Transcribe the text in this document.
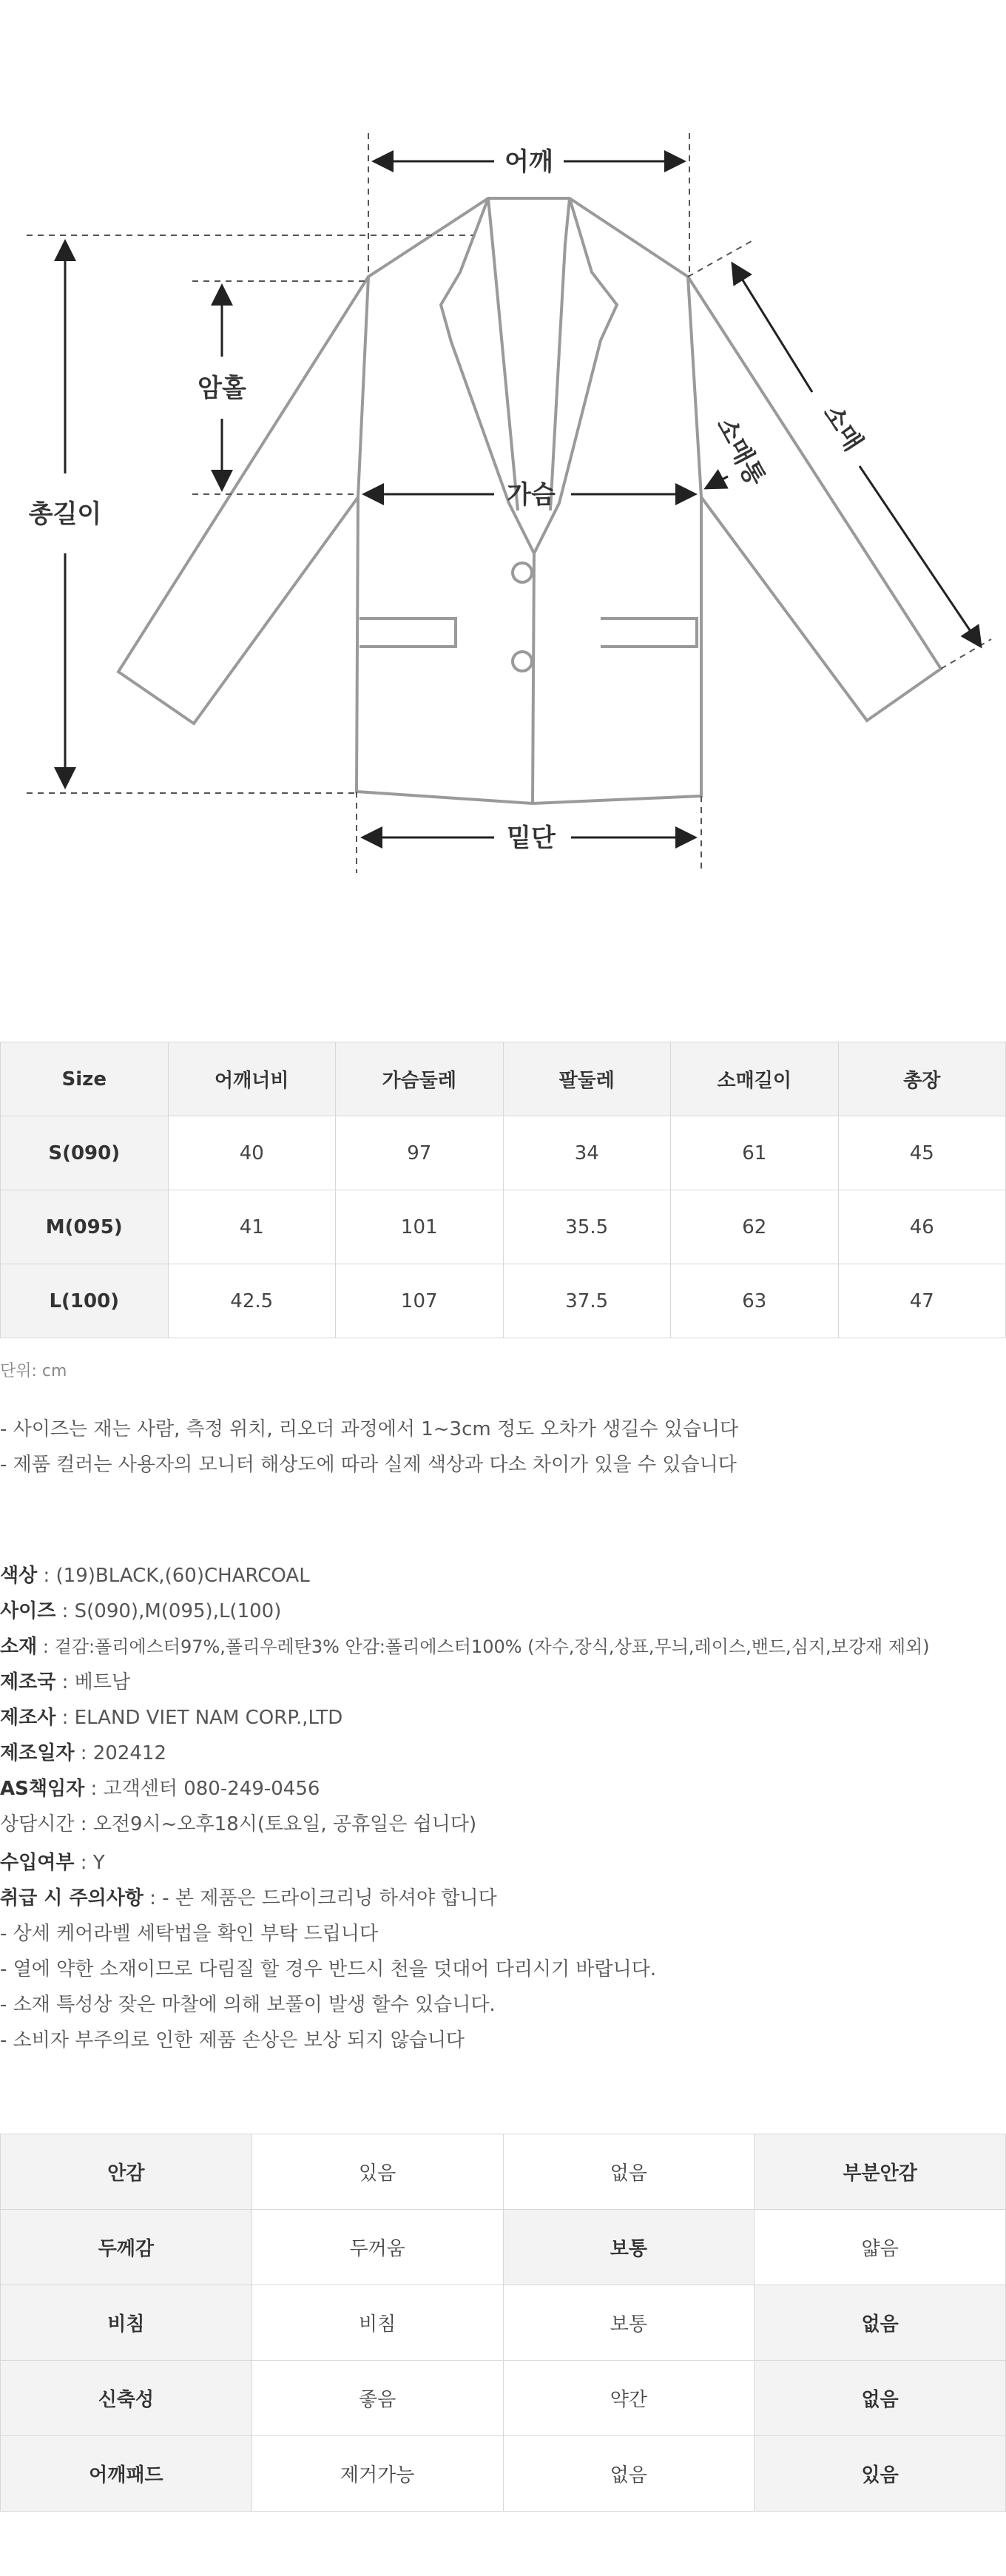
어깨
총길이
암홀
가슴
밑단
소매
소매통
Size	어깨너비	가슴둘레	팔둘레	소매길이	총장
S(090)	40	97	34	61	45
M(095)	41	101	35.5	62	46
L(100)	42.5	107	37.5	63	47
단위: cm

- 사이즈는 재는 사람, 측정 위치, 리오더 과정에서 1~3cm 정도 오차가 생길수 있습니다

- 제품 컬러는 사용자의 모니터 해상도에 따라 실제 색상과 다소 차이가 있을 수 있습니다

색상 : (19)BLACK,(60)CHARCOAL

사이즈 : S(090),M(095),L(100)

소재 : 겉감:폴리에스터97%,폴리우레탄3% 안감:폴리에스터100% (자수,장식,상표,무늬,레이스,밴드,심지,보강재 제외)

제조국 : 베트남

제조사 : ELAND VIET NAM CORP.,LTD

제조일자 : 202412

AS책임자 : 고객센터 080-249-0456

상담시간 : 오전9시~오후18시(토요일, 공휴일은 쉽니다)

수입여부 : Y

취급 시 주의사항 : - 본 제품은 드라이크리닝 하셔야 합니다

- 상세 케어라벨 세탁법을 확인 부탁 드립니다

- 열에 약한 소재이므로 다림질 할 경우 반드시 천을 덧대어 다리시기 바랍니다.

- 소재 특성상 잦은 마찰에 의해 보풀이 발생 할수 있습니다.

- 소비자 부주의로 인한 제품 손상은 보상 되지 않습니다

안감	있음	없음	부분안감
두께감	두꺼움	보통	얇음
비침	비침	보통	없음
신축성	좋음	약간	없음
어깨패드	제거가능	없음	있음
